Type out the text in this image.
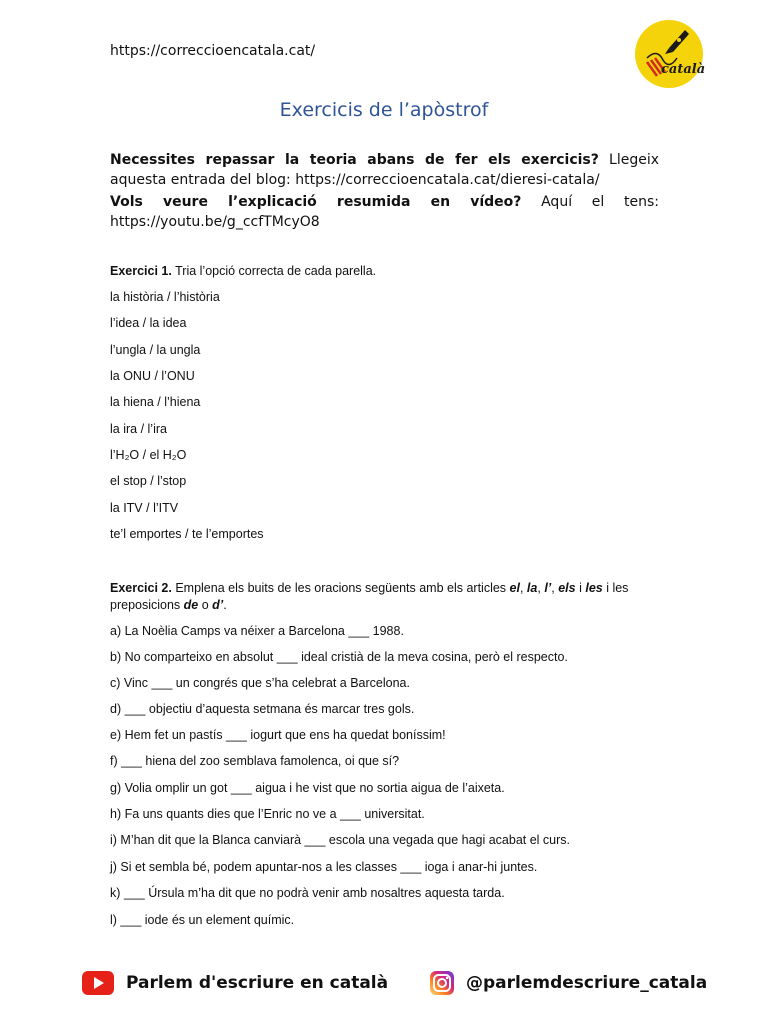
https://correccioencatala.cat/
català
Exercicis de l’apòstrof
Necessites repassar la teoria abans de fer els exercicis? Llegeix aquesta entrada del blog: https://correccioencatala.cat/dieresi-catala/
Vols veure l’explicació resumida en vídeo? Aquí el tens: https://youtu.be/g_ccfTMcyO8
Exercici 1. Tria l’opció correcta de cada parella.
la història / l’història
l’idea / la idea
l’ungla / la ungla
la ONU / l’ONU
la hiena / l’hiena
la ira / l’ira
l’H₂O / el H₂O
el stop / l’stop
la ITV / l’ITV
te’l emportes / te l’emportes
Exercici 2. Emplena els buits de les oracions següents amb els articles el, la, l’, els i les i les preposicions de o d’.
a) La Noèlia Camps va néixer a Barcelona ___ 1988.
b) No comparteixo en absolut ___ ideal cristià de la meva cosina, però el respecto.
c) Vinc ___ un congrés que s’ha celebrat a Barcelona.
d) ___ objectiu d’aquesta setmana és marcar tres gols.
e) Hem fet un pastís ___ iogurt que ens ha quedat boníssim!
f) ___ hiena del zoo semblava famolenca, oi que sí?
g) Volia omplir un got ___ aigua i he vist que no sortia aigua de l’aixeta.
h) Fa uns quants dies que l’Enric no ve a ___ universitat.
i) M’han dit que la Blanca canviarà ___ escola una vegada que hagi acabat el curs.
j) Si et sembla bé, podem apuntar-nos a les classes ___ ioga i anar-hi juntes.
k) ___ Úrsula m’ha dit que no podrà venir amb nosaltres aquesta tarda.
l) ___ iode és un element químic.
Parlem d'escriure en català	@parlemdescriure_catala
